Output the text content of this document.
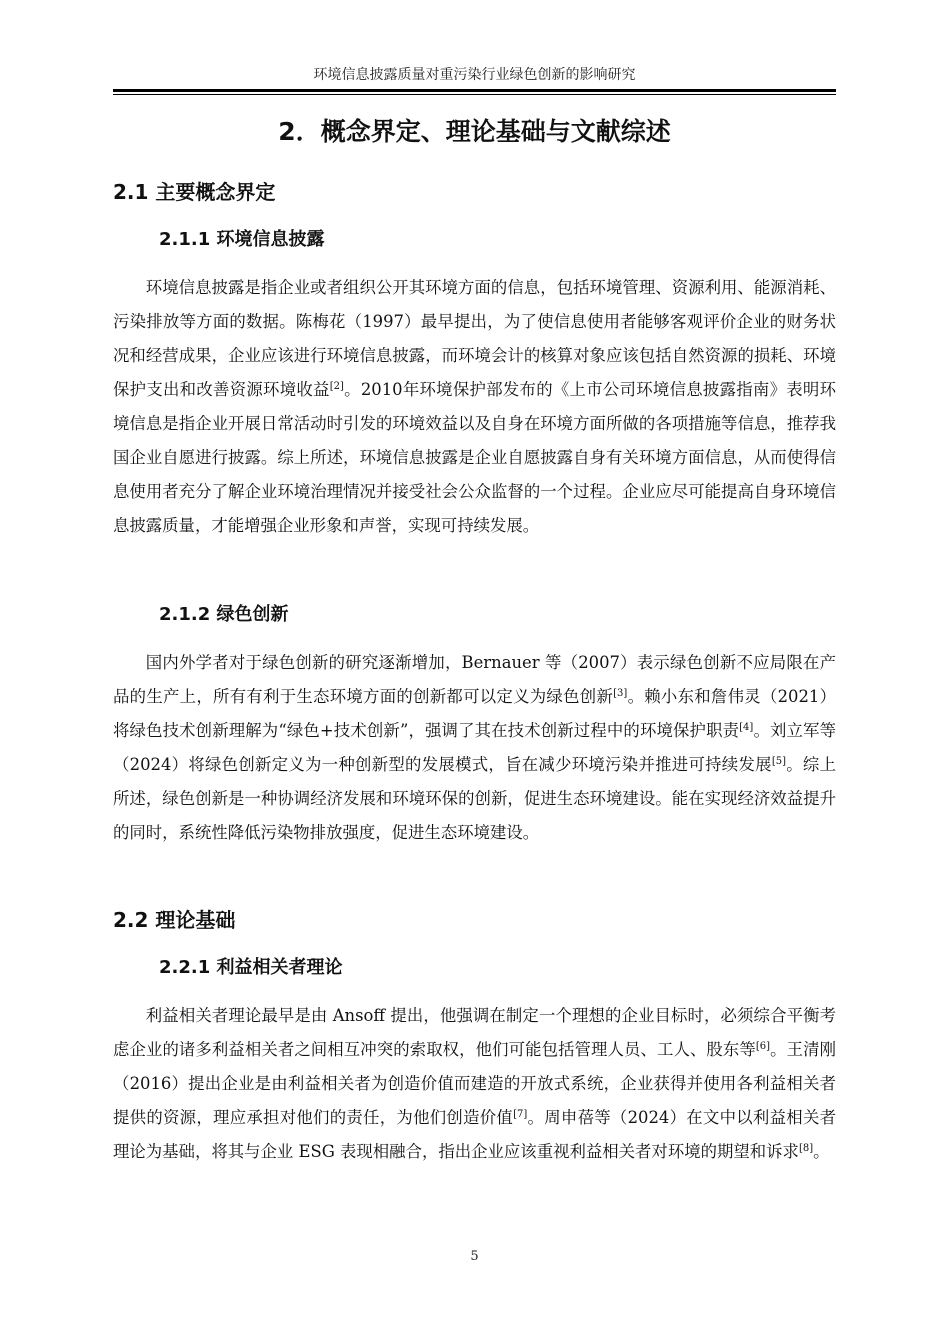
环境信息披露质量对重污染行业绿色创新的影响研究
2．概念界定、理论基础与文献综述
2.1 主要概念界定
2.1.1 环境信息披露

环境信息披露是指企业或者组织公开其环境方面的信息，包括环境管理、资源利用、能源消耗、污染排放等方面的数据。陈梅花（1997）最早提出，为了使信息使用者能够客观评价企业的财务状况和经营成果，企业应该进行环境信息披露，而环境会计的核算对象应该包括自然资源的损耗、环境保护支出和改善资源环境收益[2]。2010年环境保护部发布的《上市公司环境信息披露指南》表明环境信息是指企业开展日常活动时引发的环境效益以及自身在环境方面所做的各项措施等信息，推荐我国企业自愿进行披露。综上所述，环境信息披露是企业自愿披露自身有关环境方面信息，从而使得信息使用者充分了解企业环境治理情况并接受社会公众监督的一个过程。企业应尽可能提高自身环境信息披露质量，才能增强企业形象和声誉，实现可持续发展。

2.1.2 绿色创新

国内外学者对于绿色创新的研究逐渐增加，Bernauer 等（2007）表示绿色创新不应局限在产品的生产上，所有有利于生态环境方面的创新都可以定义为绿色创新[3]。赖小东和詹伟灵（2021）将绿色技术创新理解为“绿色+技术创新”，强调了其在技术创新过程中的环境保护职责[4]。刘立军等（2024）将绿色创新定义为一种创新型的发展模式，旨在减少环境污染并推进可持续发展[5]。综上所述，绿色创新是一种协调经济发展和环境环保的创新，促进生态环境建设。能在实现经济效益提升的同时，系统性降低污染物排放强度，促进生态环境建设。

2.2 理论基础
2.2.1 利益相关者理论

利益相关者理论最早是由 Ansoff 提出，他强调在制定一个理想的企业目标时，必须综合平衡考虑企业的诸多利益相关者之间相互冲突的索取权，他们可能包括管理人员、工人、股东等[6]。王清刚（2016）提出企业是由利益相关者为创造价值而建造的开放式系统，企业获得并使用各利益相关者提供的资源，理应承担对他们的责任，为他们创造价值[7]。周申蓓等（2024）在文中以利益相关者理论为基础，将其与企业 ESG 表现相融合，指出企业应该重视利益相关者对环境的期望和诉求[8]。

5
